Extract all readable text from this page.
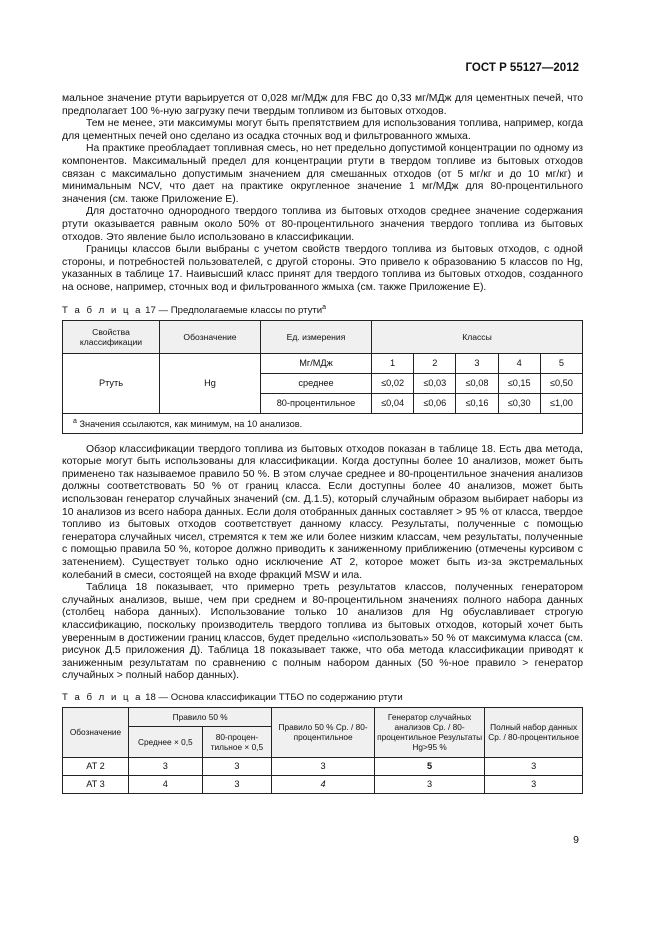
ГОСТ Р 55127—2012

мальное значение ртути варьируется от 0,028 мг/МДж для FBC до 0,33 мг/МДж для цементных печей, что предполагает 100 %-ную загрузку печи твердым топливом из бытовых отходов.

Тем не менее, эти максимумы могут быть препятствием для использования топлива, например, когда для цементных печей оно сделано из осадка сточных вод и фильтрованного жмыха.

На практике преобладает топливная смесь, но нет предельно допустимой концентрации по одному из компонентов. Максимальный предел для концентрации ртути в твердом топливе из бытовых отходов связан с максимально допустимым значением для смешанных отходов (от 5 мг/кг и до 10 мг/кг) и минимальным NCV, что дает на практике округленное значение 1 мг/МДж для 80-процентильного значения (см. также Приложение Е).

Для достаточно однородного твердого топлива из бытовых отходов среднее значение содержания ртути оказывается равным около 50% от 80-процентильного значения твердого топлива из бытовых отходов. Это явление было использовано в классификации.

Границы классов были выбраны с учетом свойств твердого топлива из бытовых отходов, с одной стороны, и потребностей пользователей, с другой стороны. Это привело к образованию 5 классов по Hg, указанных в таблице 17. Наивысший класс принят для твердого топлива из бытовых отходов, созданного на основе, например, сточных вод и фильтрованного жмыха (см. также Приложение Е).

Т а б л и ц а 17 — Предполагаемые классы по ртути$^a$
Свойства классификации	Обозначение	Ед. измерения	Классы				
Ртуть	Hg	Мг/МДж	1	2	3	4	5
		среднее	≤0,02	≤0,03	≤0,08	≤0,15	≤0,50
		80-процентильное	≤0,04	≤0,06	≤0,16	≤0,30	≤1,00
$^a$ Значения ссылаются, как минимум, на 10 анализов.							

Обзор классификации твердого топлива из бытовых отходов показан в таблице 18. Есть два метода, которые могут быть использованы для классификации. Когда доступны более 10 анализов, может быть применено так называемое правило 50 %. В этом случае среднее и 80-процентильное значения анализов должны соответствовать 50 % от границ класса. Если доступны более 40 анализов, может быть использован генератор случайных значений (см. Д.1.5), который случайным образом выбирает наборы из 10 анализов из всего набора данных. Если доля отобранных данных составляет > 95 % от класса, твердое топливо из бытовых отходов соответствует данному классу. Результаты, полученные с помощью генератора случайных чисел, стремятся к тем же или более низким классам, чем результаты, полученные с помощью правила 50 %, которое должно приводить к заниженному приближению (отмечены курсивом с затенением). Существует только одно исключение АТ 2, которое может быть из-за экстремальных колебаний в смеси, состоящей на входе фракций MSW и ила.

Таблица 18 показывает, что примерно треть результатов классов, полученных генератором случайных анализов, выше, чем при среднем и 80-процентильном значениях полного набора данных (столбец набора данных). Использование только 10 анализов для Hg обуславливает строгую классификацию, поскольку производитель твердого топлива из бытовых отходов, который хочет быть уверенным в достижении границ классов, будет предельно «использовать» 50 % от максимума класса (см. рисунок Д.5 приложения Д). Таблица 18 показывает также, что оба метода классификации приводят к заниженным результатам по сравнению с полным набором данных (50 %-ное правило > генератор случайных > полный набор данных).

Т а б л и ц а 18 — Основа классификации ТТБО по содержанию ртути
Обозначение	Правило 50 %		Правило 50 % Ср. / 80-процентильное	Генератор случайных анализов Ср. / 80-процентильное Результаты Hg>95 %	Полный набор данных Ср. / 80-процентильное
	Среднее × 0,5	80-процентильное × 0,5			
AT 2	3	3	3	5	3
AT 3	4	3	4	3	3
9
